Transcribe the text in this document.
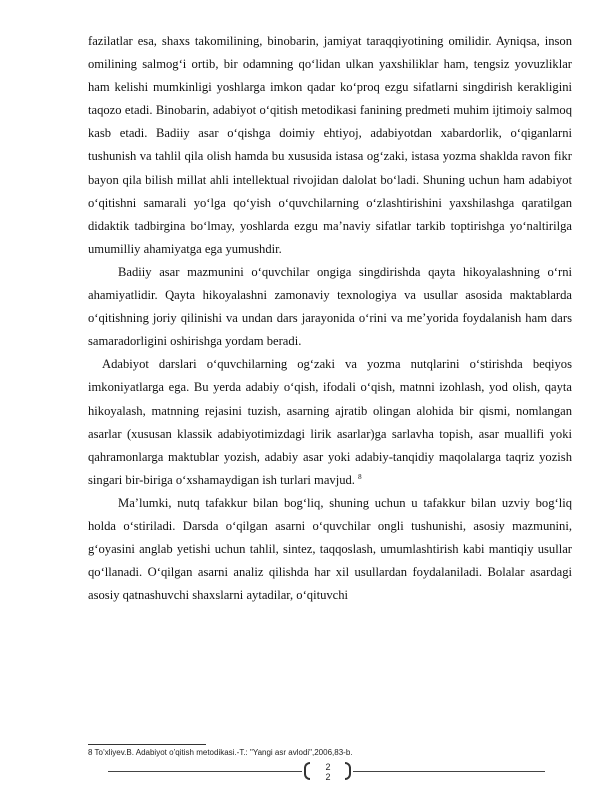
fazilatlar esa, shaxs takomilining, binobarin, jamiyat taraqqiyotining omilidir. Ayniqsa, inson omilining salmog‘i ortib, bir odamning qo‘lidan ulkan yaxshiliklar ham, tengsiz yovuzliklar ham kelishi mumkinligi yoshlarga imkon qadar ko‘proq ezgu sifatlarni singdirish kerakligini taqozo etadi. Binobarin, adabiyot o‘qitish metodikasi fanining predmeti muhim ijtimoiy salmoq kasb etadi. Badiiy asar o‘qishga doimiy ehtiyoj, adabiyotdan xabardorlik, o‘qiganlarni tushunish va tahlil qila olish hamda bu xususida istasa og‘zaki, istasa yozma shaklda ravon fikr bayon qila bilish millat ahli intellektual rivojidan dalolat bo‘ladi. Shuning uchun ham adabiyot o‘qitishni samarali yo‘lga qo‘yish o‘quvchilarning o‘zlashtirishini yaxshilashga qaratilgan didaktik tadbirgina bo‘lmay, yoshlarda ezgu ma’naviy sifatlar tarkib toptirishga yo‘naltirilga umumilliy ahamiyatga ega yumushdir.

Badiiy asar mazmunini o‘quvchilar ongiga singdirishda qayta hikoyalashning o‘rni ahamiyatlidir. Qayta hikoyalashni zamonaviy texnologiya va usullar asosida maktablarda o‘qitishning joriy qilinishi va undan dars jarayonida o‘rini va me’yorida foydalanish ham dars samaradorligini oshirishga yordam beradi.

Adabiyot darslari o‘quvchilarning og‘zaki va yozma nutqlarini o‘stirishda beqiyos imkoniyatlarga ega. Bu yerda adabiy o‘qish, ifodali o‘qish, matnni izohlash, yod olish, qayta hikoyalash, matnning rejasini tuzish, asarning ajratib olingan alohida bir qismi, nomlangan asarlar (xususan klassik adabiyotimizdagi lirik asarlar)ga sarlavha topish, asar muallifi yoki qahramonlarga maktublar yozish, adabiy asar yoki adabiy-tanqidiy maqolalarga taqriz yozish singari bir-biriga o‘xshamaydigan ish turlari mavjud. $^8$

Ma’lumki, nutq tafakkur bilan bog‘liq, shuning uchun u tafakkur bilan uzviy bog‘liq holda o‘stiriladi. Darsda o‘qilgan asarni o‘quvchilar ongli tushunishi, asosiy mazmunini, g‘oyasini anglab yetishi uchun tahlil, sintez, taqqoslash, umumlashtirish kabi mantiqiy usullar qo‘llanadi. O‘qilgan asarni analiz qilishda har xil usullardan foydalaniladi. Bolalar asardagi asosiy qatnashuvchi shaxslarni aytadilar, o‘qituvchi

8 To’xliyev.B. Adabiyot o’qitish metodikasi.-T.: "Yangi asr avlodi",2006,83-b.
2
2
